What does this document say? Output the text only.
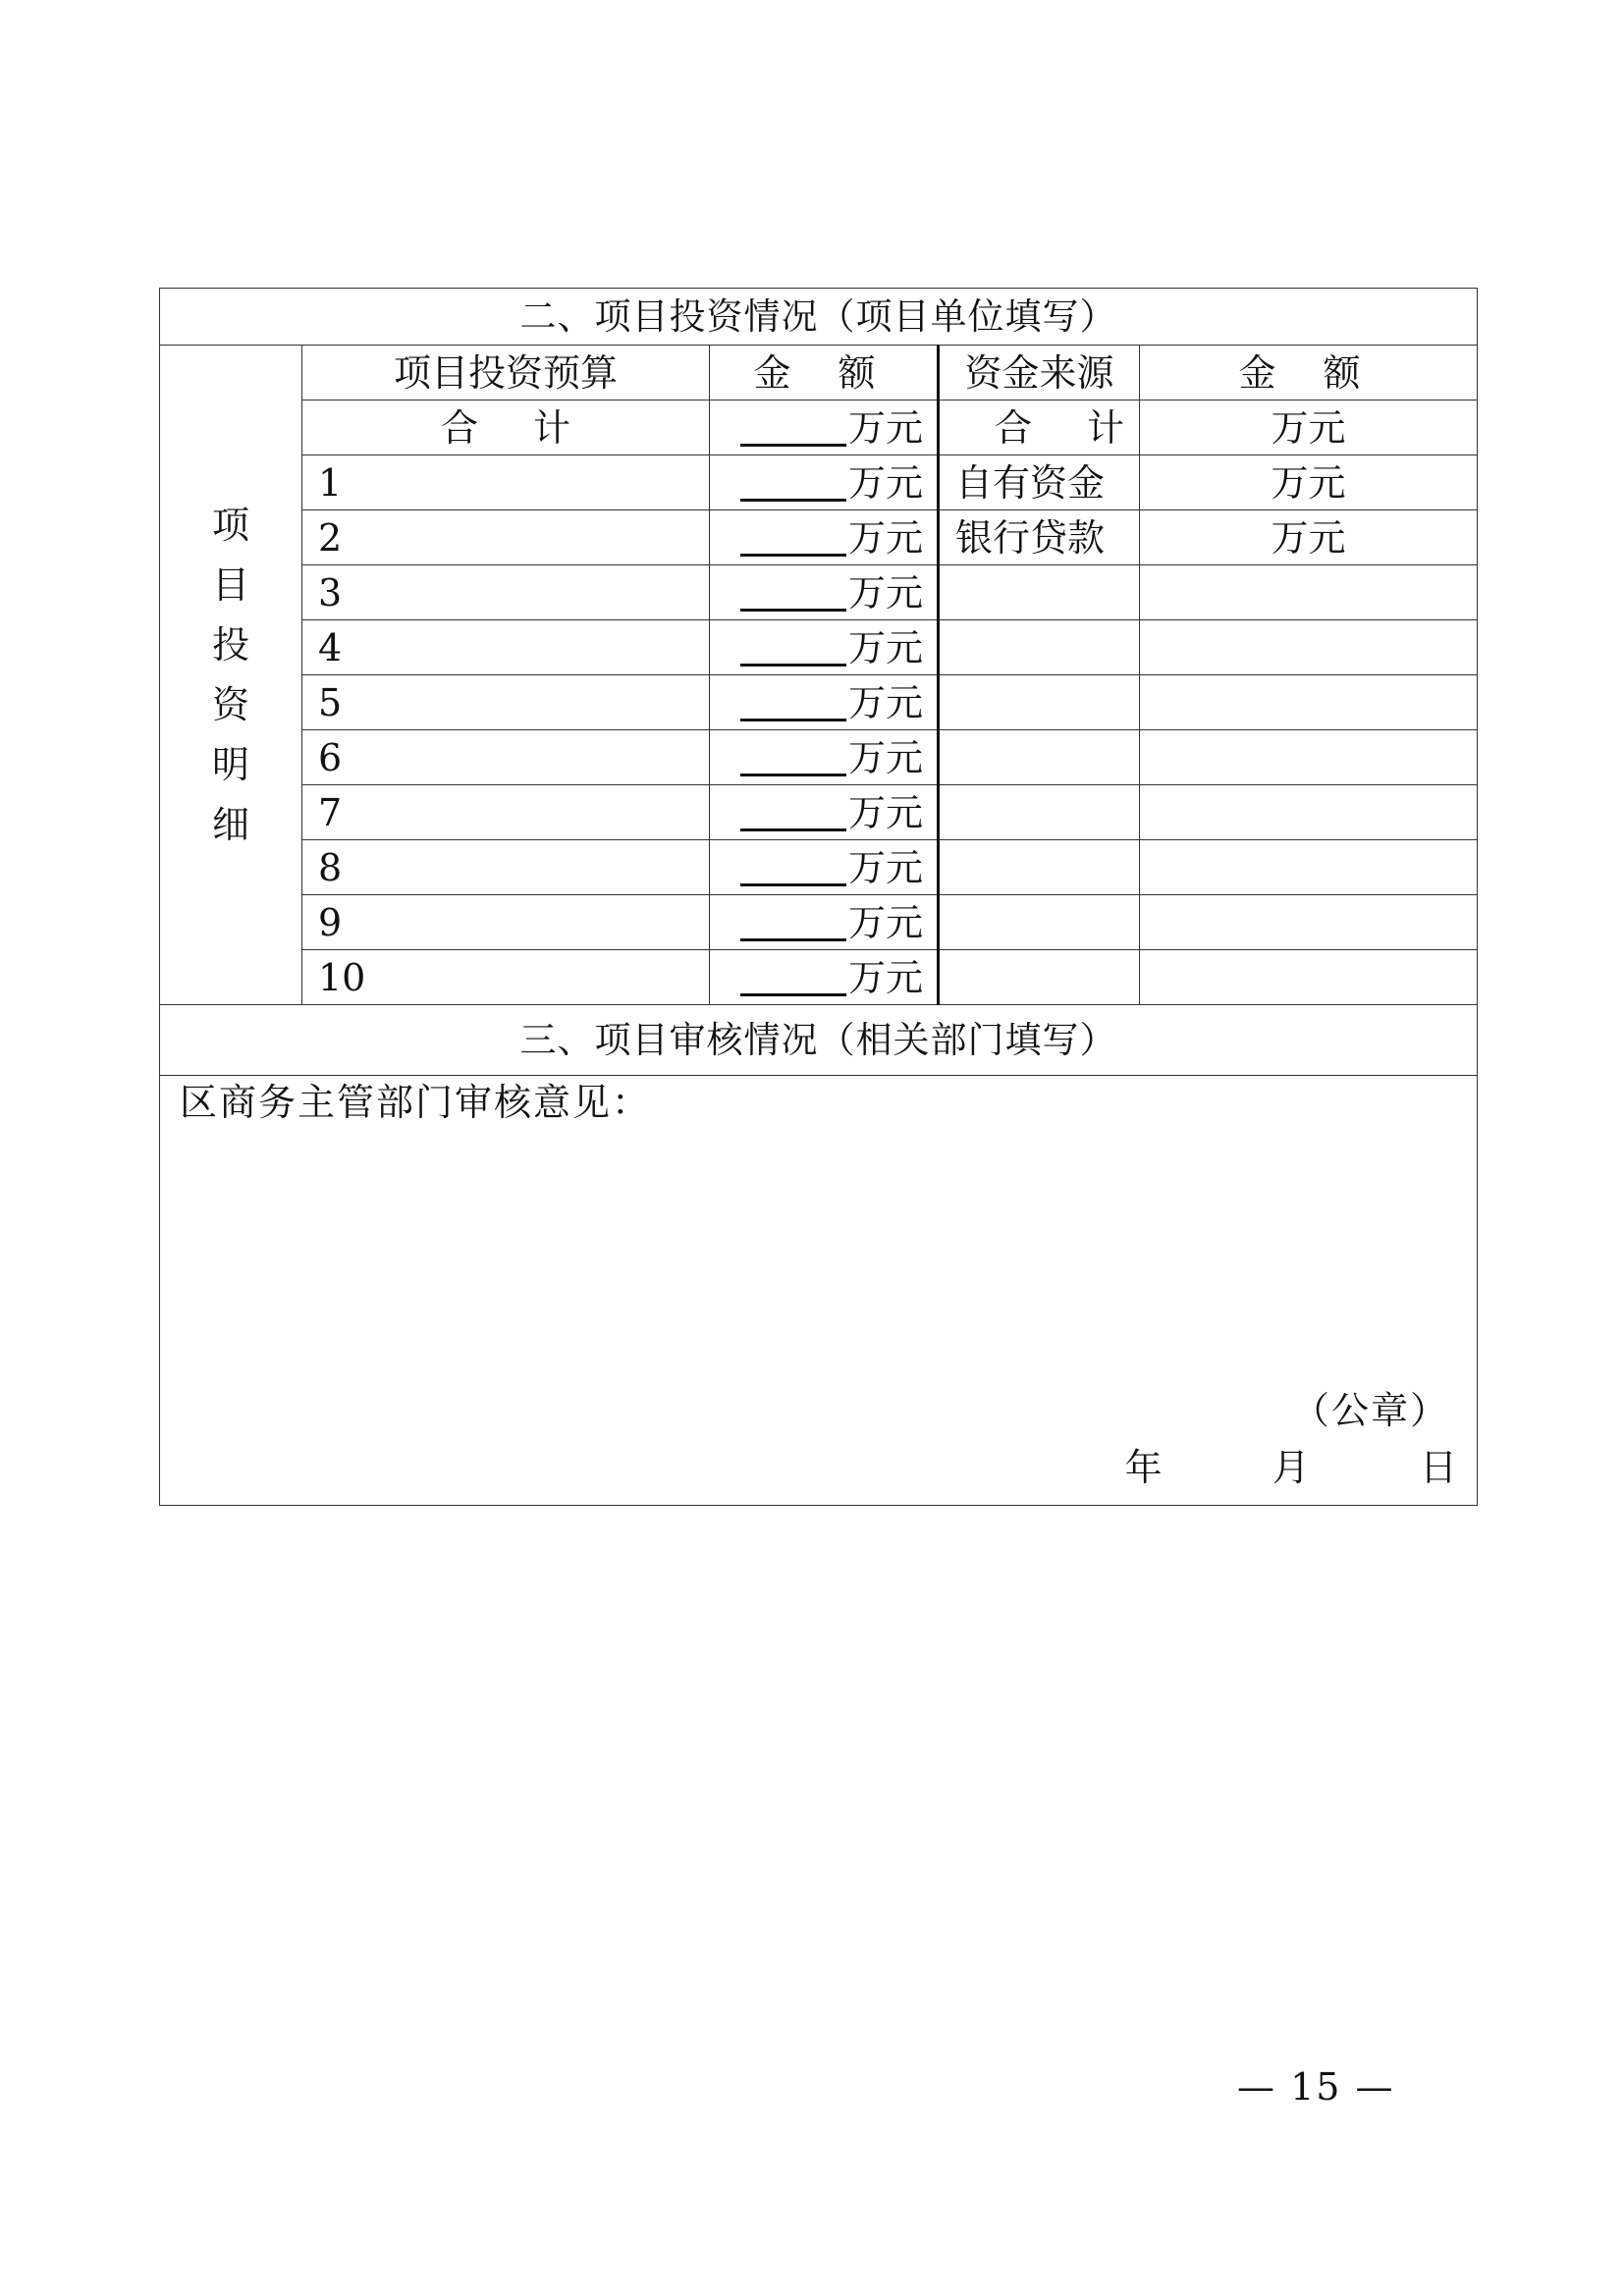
二、项目投资情况（项目单位填写）				
项目投资明细	项目投资预算	金 额	资金来源	金 额
	合计	万元	合计	万元
	1	万元	自有资金	万元
	2	万元	银行贷款	万元
	3	万元		
	4	万元		
	5	万元		
	6	万元		
	7	万元		
	8	万元		
	9	万元		
	10	万元		
三、项目审核情况（相关部门填写）				

区商务主管部门审核意见：
（公章）
年 月 日				
— 15 —
